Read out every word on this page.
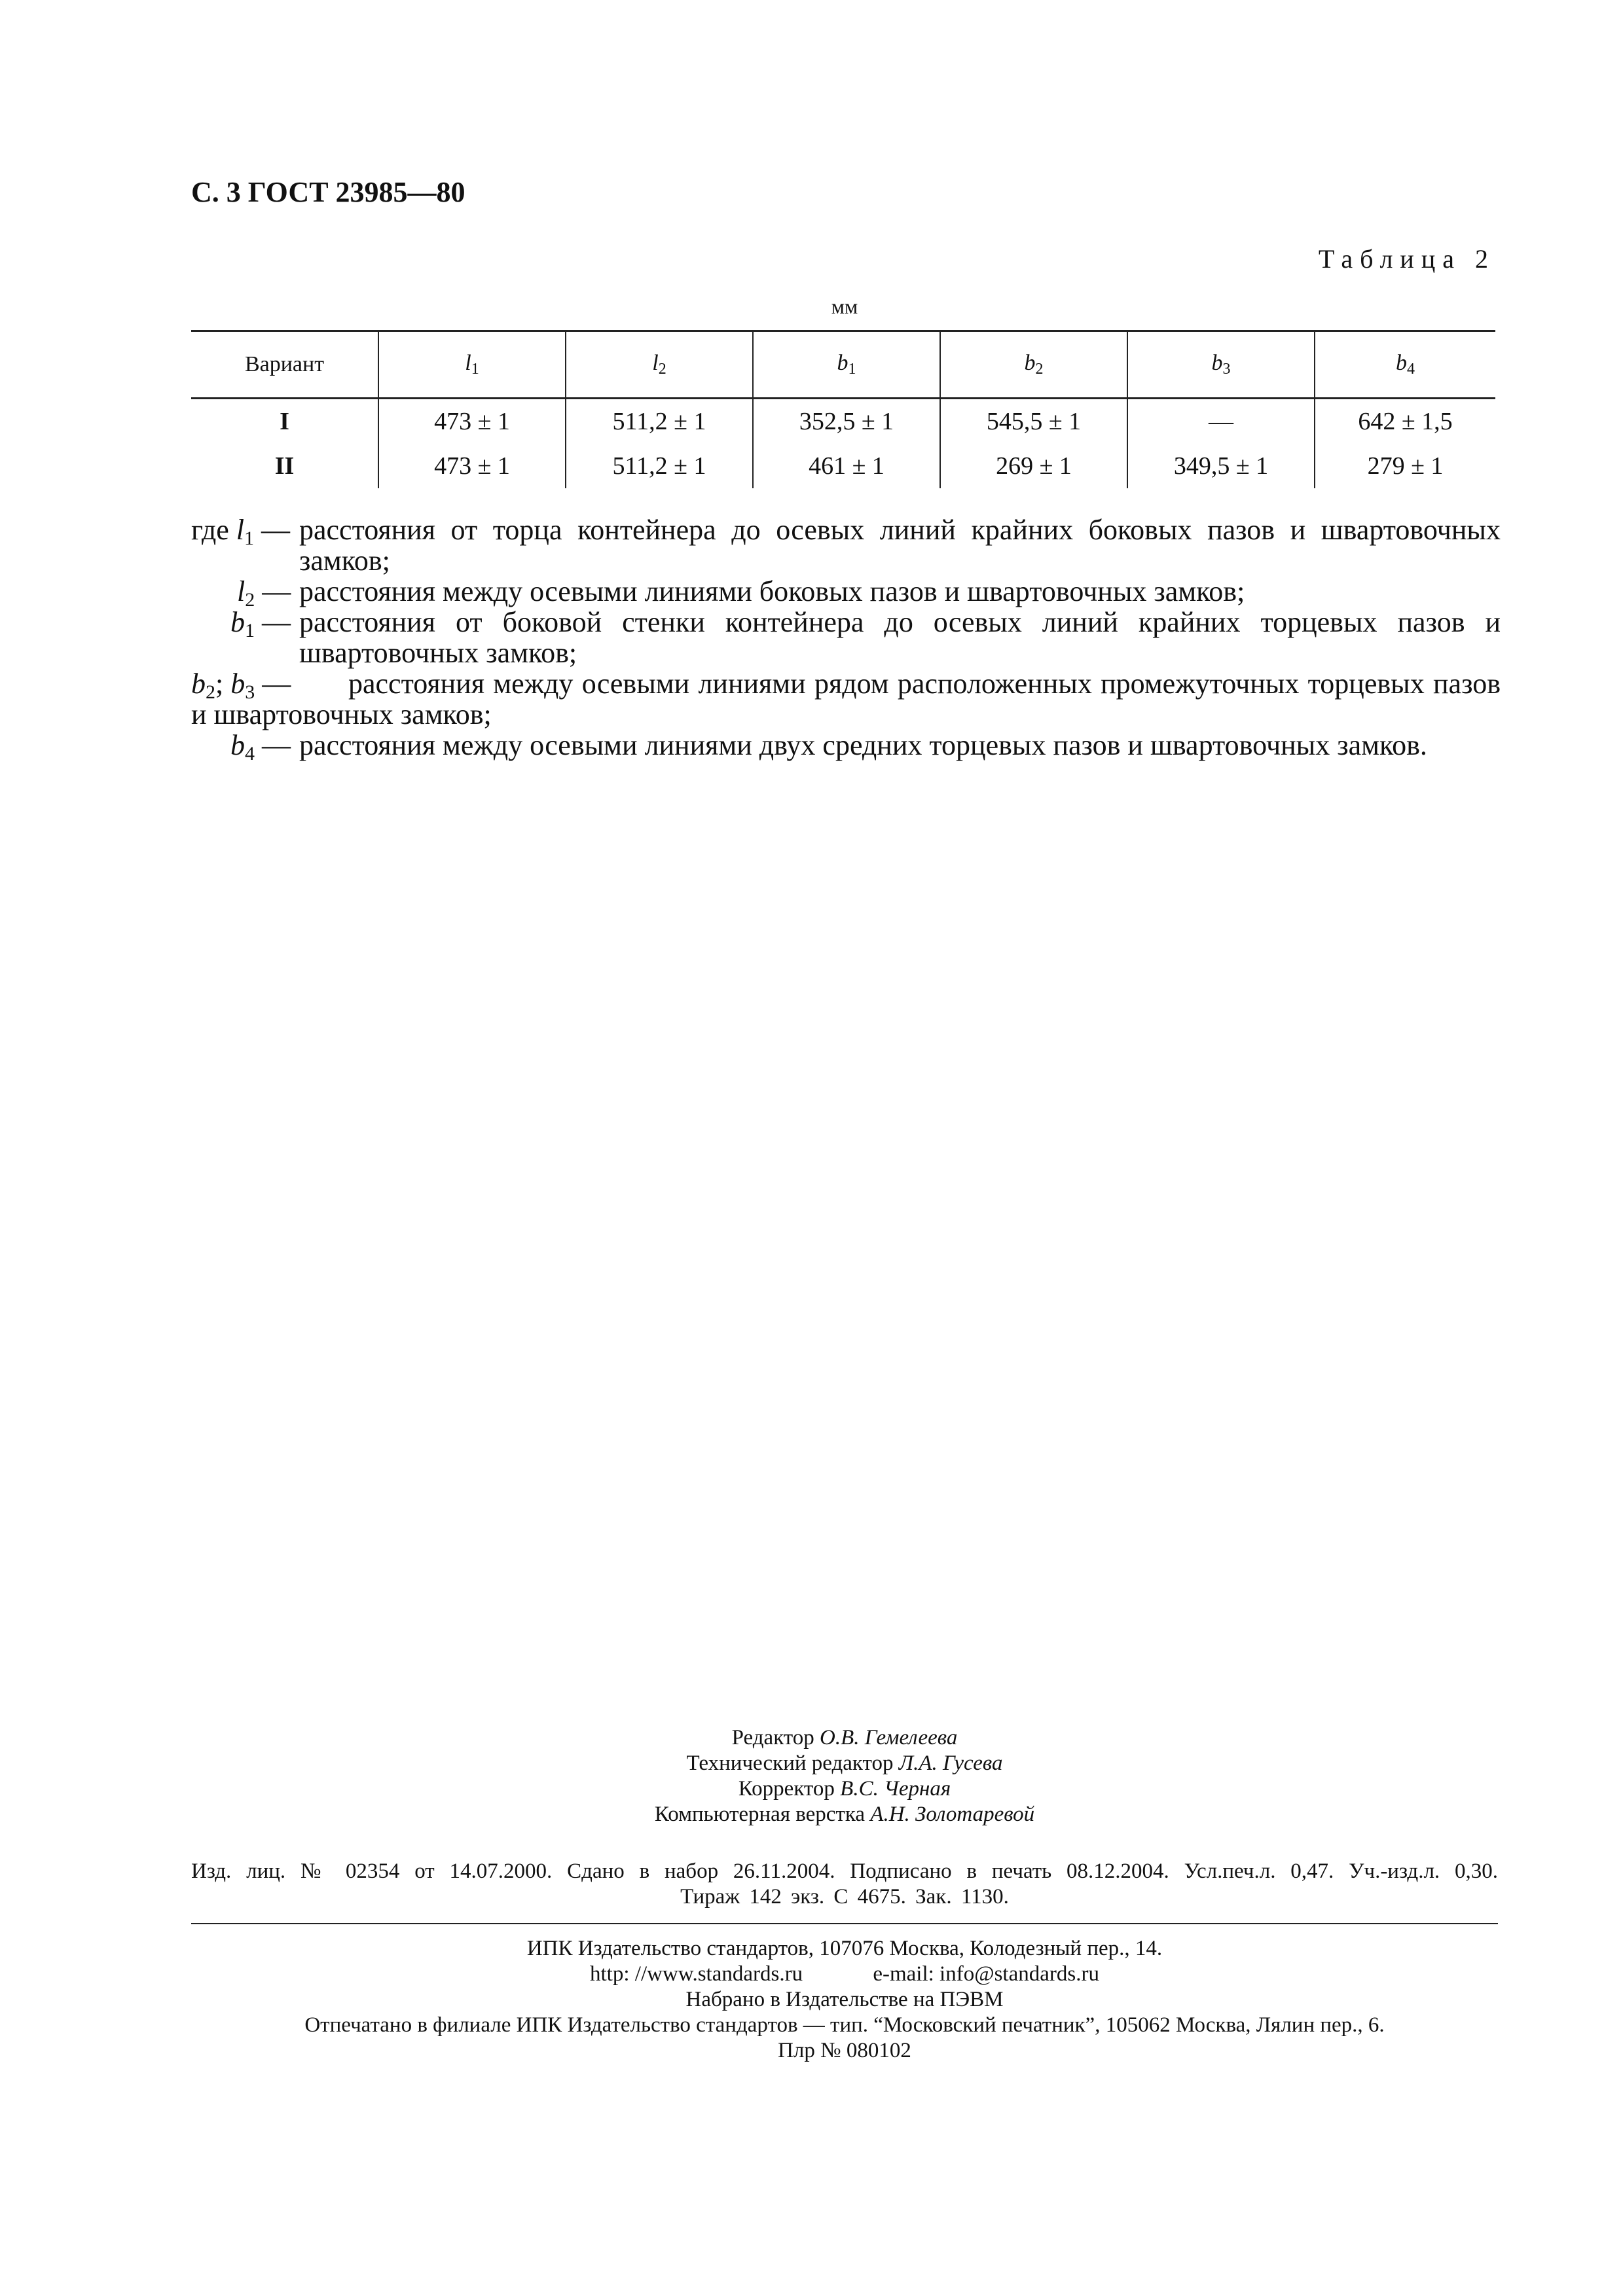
С. 3 ГОСТ 23985—80
Таблица 2
мм
Вариант	$l_1$	$l_2$	$b_1$	$b_2$	$b_3$	$b_4$
I	473 ± 1	511,2 ± 1	352,5 ± 1	545,5 ± 1	—	642 ± 1,5
II	473 ± 1	511,2 ± 1	461 ± 1	269 ± 1	349,5 ± 1	279 ± 1
где $l_1$ — расстояния от торца контейнера до осевых линий крайних боковых пазов и швартовочных замков;
$l_2$ — расстояния между осевыми линиями боковых пазов и швартовочных замков;
$b_1$ — расстояния от боковой стенки контейнера до осевых линий крайних торцевых пазов и швартовочных замков;
$b_2$; $b_3$ —	расстояния между осевыми линиями рядом расположенных промежуточных торцевых пазов и швартовочных замков;
$b_4$ — расстояния между осевыми линиями двух средних торцевых пазов и швартовочных замков.
Редактор О.В. Гемелеева
Технический редактор Л.А. Гусева
Корректор В.С. Черная
Компьютерная верстка А.Н. Золотаревой
Изд. лиц. № 02354 от 14.07.2000. Сдано в набор 26.11.2004. Подписано в печать 08.12.2004. Усл.печ.л. 0,47. Уч.-изд.л. 0,30.
Тираж 142 экз. С 4675. Зак. 1130.
ИПК Издательство стандартов, 107076 Москва, Колодезный пер., 14.
http: //www.standards.ru             e-mail: info@standards.ru
Набрано в Издательстве на ПЭВМ
Отпечатано в филиале ИПК Издательство стандартов — тип. “Московский печатник”, 105062 Москва, Лялин пер., 6.
Плр № 080102
